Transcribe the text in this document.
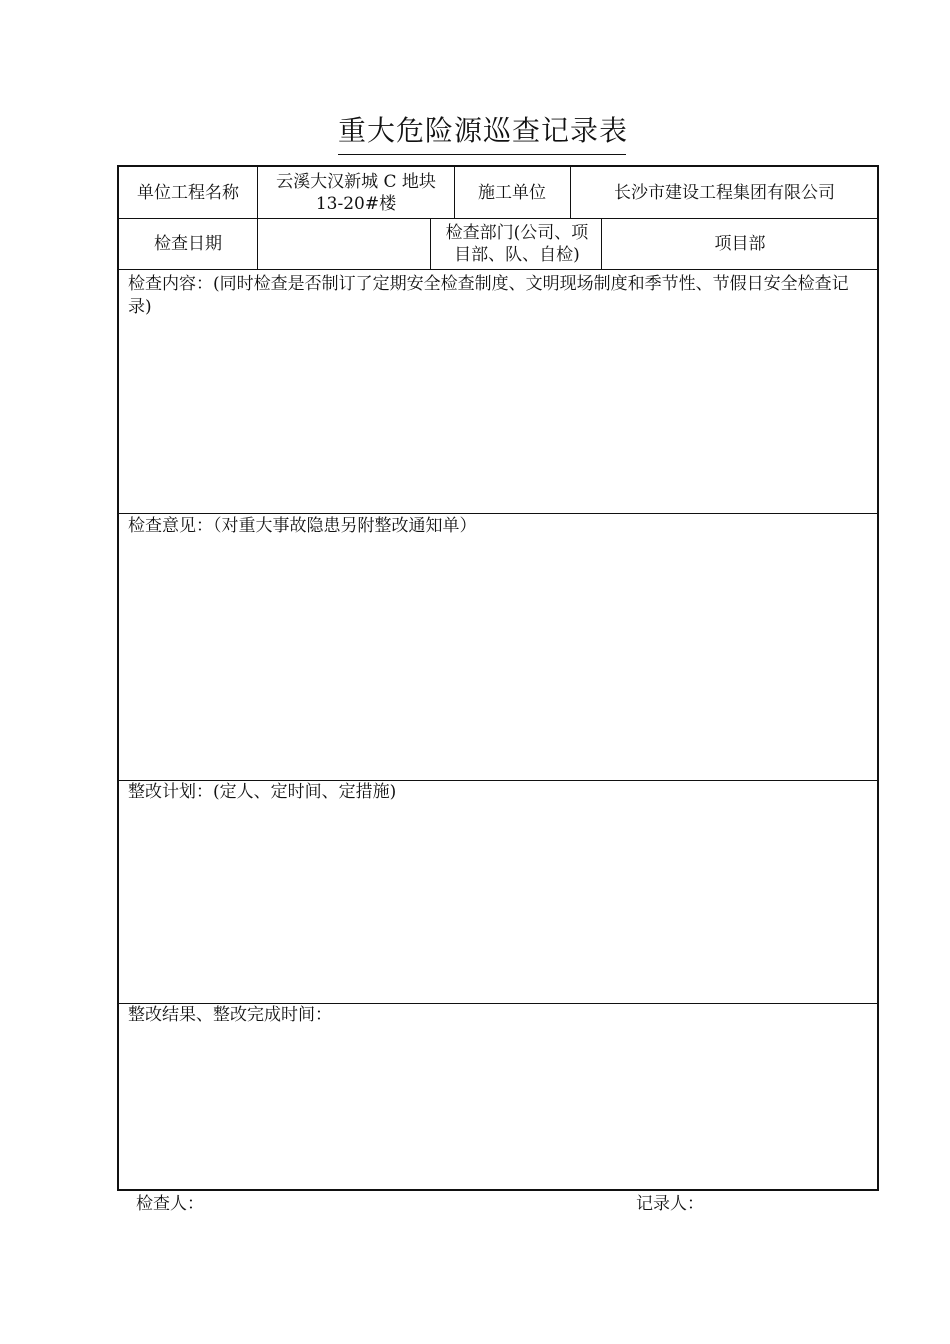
重大危险源巡查记录表
单位工程名称
云溪大汉新城 C 地块 13-20#楼
施工单位	长沙市建设工程集团有限公司
检查日期
检查部门(公司、项目部、队、自检)
项目部
检查内容：(同时检查是否制订了定期安全检查制度、文明现场制度和季节性、节假日安全检查记录)
检查意见：（对重大事故隐患另附整改通知单）
整改计划：(定人、定时间、定措施)
整改结果、整改完成时间：
检查人：	记录人：
